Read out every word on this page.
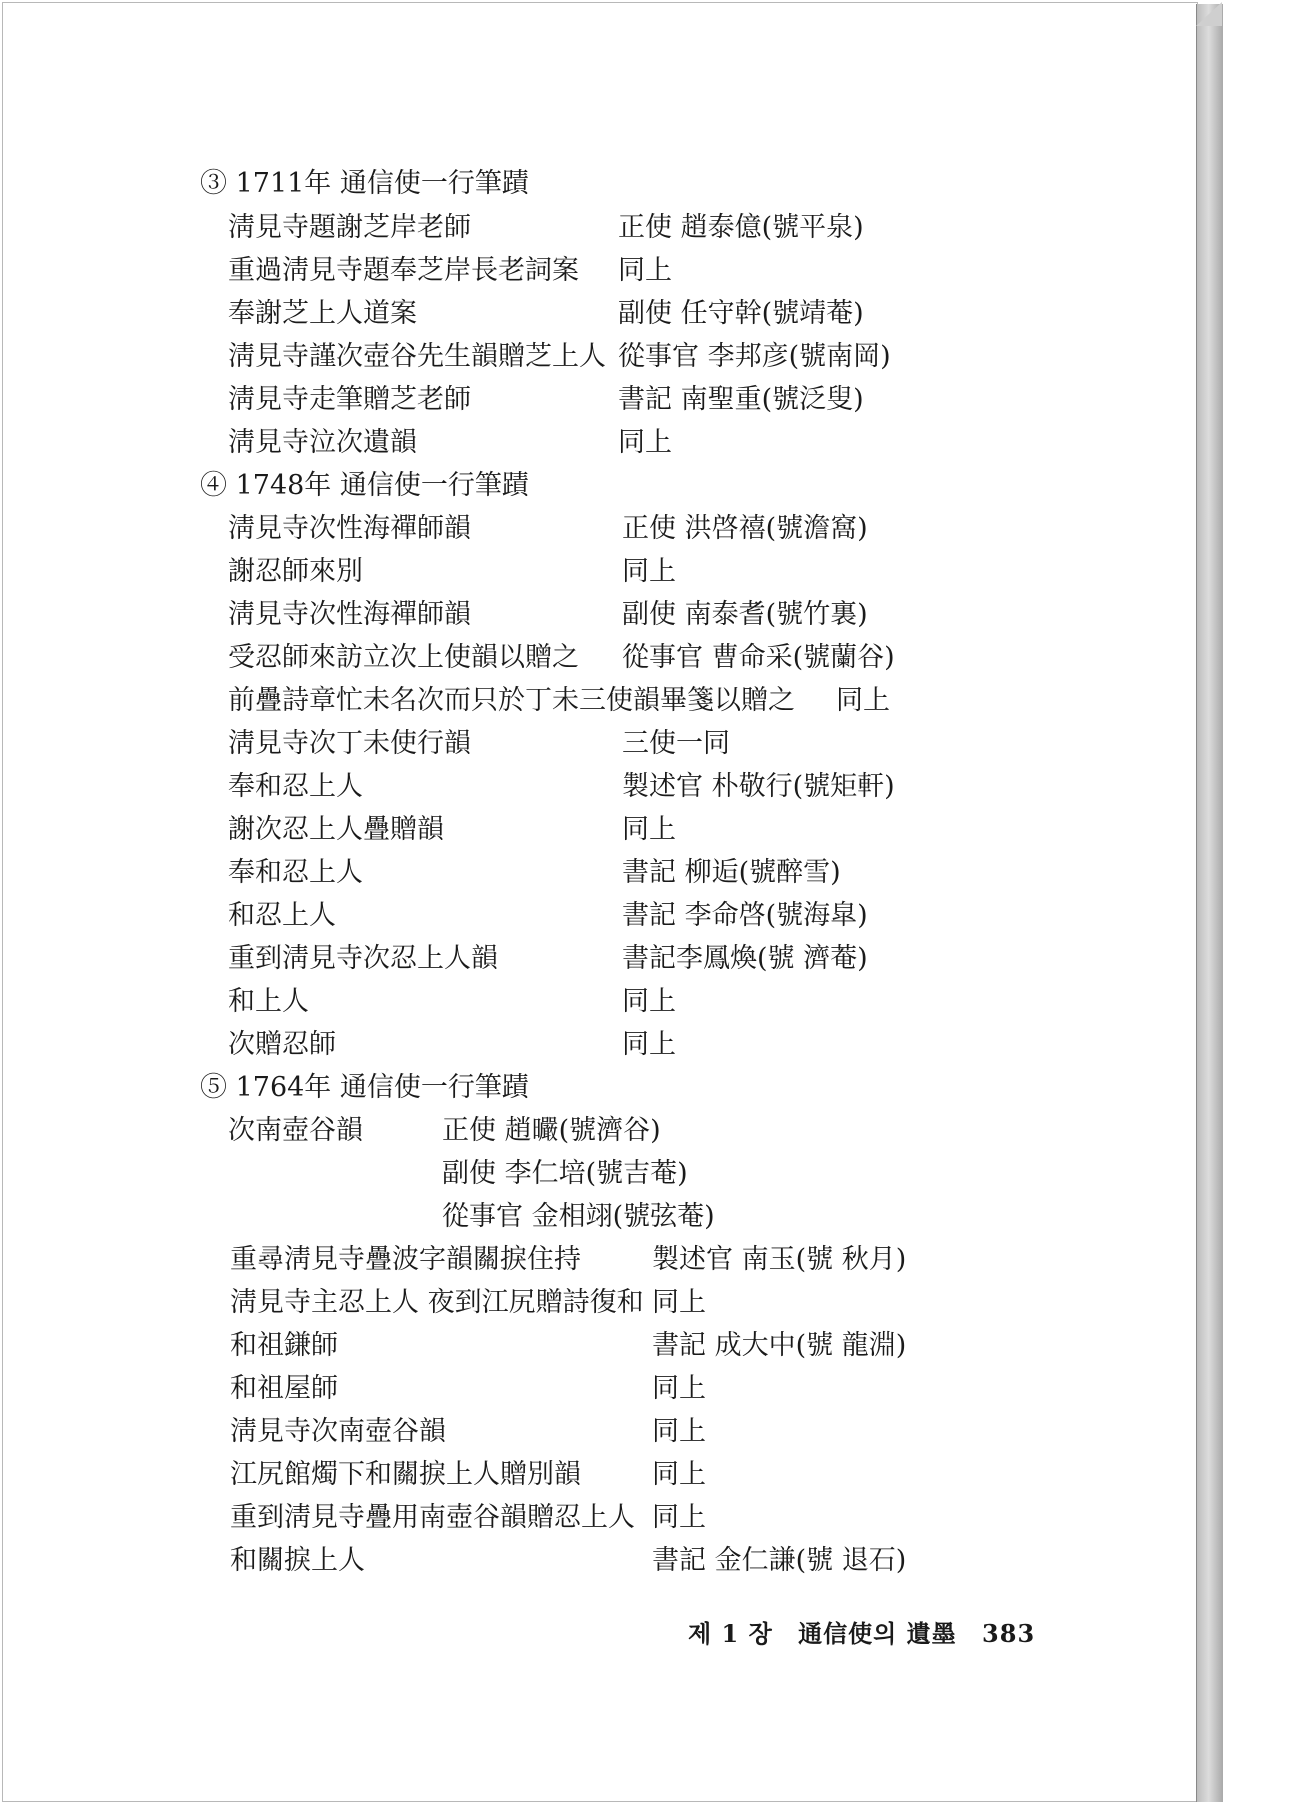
③ 1711年 通信使一行筆蹟
淸見寺題謝芝岸老師	正使 趙泰億(號平泉)
重過淸見寺題奉芝岸長老詞案 同上
奉謝芝上人道案	副使 任守幹(號靖菴)
淸見寺謹次壺谷先生韻贈芝上人 從事官 李邦彦(號南岡)
淸見寺走筆贈芝老師	書記 南聖重(號泛叟)
淸見寺泣次遺韻	同上
④ 1748年 通信使一行筆蹟
淸見寺次性海禪師韻	正使 洪啓禧(號澹窩)
謝忍師來別	同上
淸見寺次性海禪師韻	副使 南泰耆(號竹裏)
受忍師來訪立次上使韻以贈之 從事官 曹命采(號蘭谷)
前疊詩章忙未名次而只於丁未三使韻畢箋以贈之 同上
淸見寺次丁未使行韻	三使一同
奉和忍上人	製述官 朴敬行(號矩軒)
謝次忍上人疊贈韻	同上
奉和忍上人	書記 柳逅(號醉雪)
和忍上人	書記 李命啓(號海皐)
重到淸見寺次忍上人韻	書記李鳳煥(號 濟菴)
和上人	同上
次贈忍師	同上
⑤ 1764年 通信使一行筆蹟
次南壺谷韻	正使 趙曮(號濟谷)
副使 李仁培(號吉菴)
從事官 金相翊(號弦菴)
重尋淸見寺疊波字韻關捩住持	製述官 南玉(號 秋月)
淸見寺主忍上人 夜到江尻贈詩復和 同上
和祖鎌師	書記 成大中(號 龍淵)
和祖屋師	同上
淸見寺次南壺谷韻	同上
江尻館燭下和關捩上人贈別韻	同上
重到淸見寺疊用南壺谷韻贈忍上人 同上
和關捩上人	書記 金仁謙(號 退石)
제 1 장 通信使의 遺墨 383
